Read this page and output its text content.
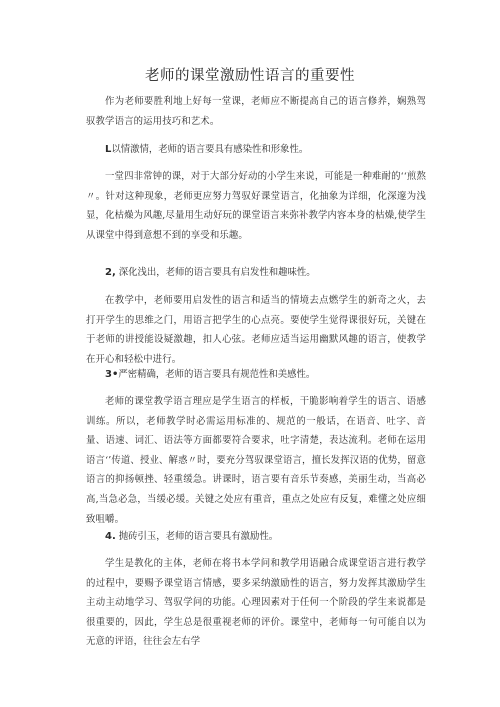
老师的课堂激励性语言的重要性

作为老师要胜利地上好每一堂课，老师应不断提高自己的语言修养，娴熟驾驭教学语言的运用技巧和艺术。

L以情激情，老师的语言要具有感染性和形象性。

一堂四非常钟的课，对于大部分好动的小学生来说，可能是一种难耐的‘‘煎熬〃。针对这种现象，老师更应努力驾驭好课堂语言，化抽象为详细，化深邃为浅显，化枯燥为风趣,尽量用生动好玩的课堂语言来弥补教学内容本身的枯燥,使学生从课堂中得到意想不到的享受和乐趣。

2, 深化浅出，老师的语言要具有启发性和趣味性。

在教学中，老师要用启发性的语言和适当的情境去点燃学生的新奇之火，去打开学生的思维之门，用语言把学生的心点亮。要使学生觉得课很好玩，关键在于老师的讲授能设疑激趣，扣人心弦。老师应适当运用幽默风趣的语言，使教学在开心和轻松中进行。

3•严密精确，老师的语言要具有规范性和美感性。

老师的课堂教学语言理应是学生语言的样板，干脆影响着学生的语言、语感训练。所以，老师教学时必需运用标准的、规范的一般话，在语音、吐字、音量、语速、词汇、语法等方面都要符合要求，吐字清楚，表达流利。老师在运用语言‘’传道、授业、解惑〃时，要充分驾驭课堂语言，擅长发挥汉语的优势，留意语言的抑扬顿挫、轻重缓急。讲课时，语言要有音乐节奏感，美丽生动，当高必高,当急必急，当缓必缓。关键之处应有重音，重点之处应有反复，难懂之处应细致咀嚼。

4. 抛砖引玉，老师的语言要具有激励性。

学生是教化的主体，老师在将书本学问和教学用语融合成课堂语言进行教学的过程中，要赐予课堂语言情感，要多采纳激励性的语言，努力发挥其激励学生主动主动地学习、驾驭学问的功能。心理因素对于任何一个阶段的学生来说都是很重要的，因此，学生总是很重视老师的评价。课堂中，老师每一句可能自以为无意的评语，往往会左右学
